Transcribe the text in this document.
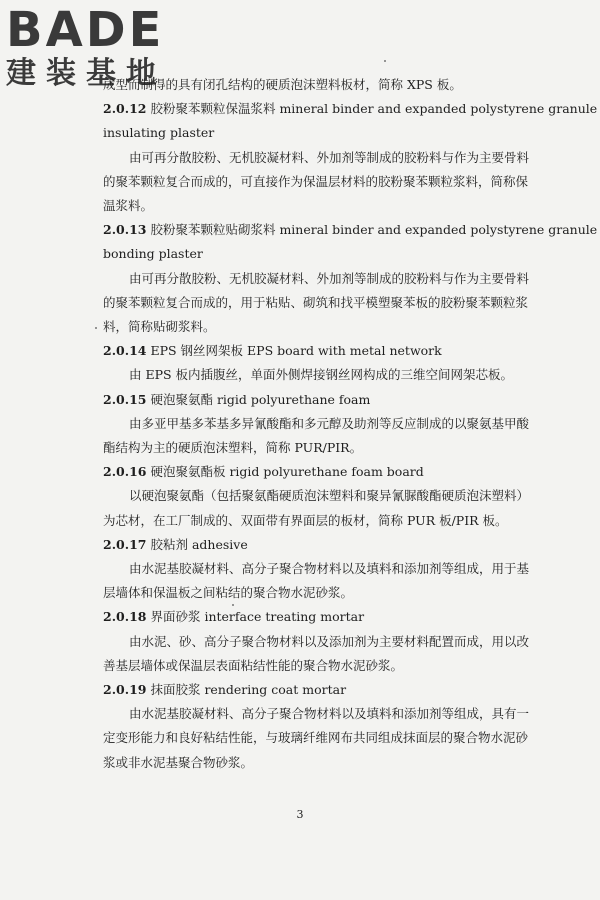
BADE
建装基地
成型而制得的具有闭孔结构的硬质泡沫塑料板材，简称 XPS 板。
2.0.12 胶粉聚苯颗粒保温浆料 mineral binder and expanded polystyrene granule
insulating plaster
由可再分散胶粉、无机胶凝材料、外加剂等制成的胶粉料与作为主要骨料
的聚苯颗粒复合而成的，可直接作为保温层材料的胶粉聚苯颗粒浆料，简称保
温浆料。
2.0.13 胶粉聚苯颗粒贴砌浆料 mineral binder and expanded polystyrene granule
bonding plaster
由可再分散胶粉、无机胶凝材料、外加剂等制成的胶粉料与作为主要骨料
的聚苯颗粒复合而成的，用于粘贴、砌筑和找平模塑聚苯板的胶粉聚苯颗粒浆
料，简称贴砌浆料。
2.0.14 EPS 钢丝网架板 EPS board with metal network
由 EPS 板内插腹丝，单面外侧焊接钢丝网构成的三维空间网架芯板。
2.0.15 硬泡聚氨酯 rigid polyurethane foam
由多亚甲基多苯基多异氰酸酯和多元醇及助剂等反应制成的以聚氨基甲酸
酯结构为主的硬质泡沫塑料，简称 PUR/PIR。
2.0.16 硬泡聚氨酯板 rigid polyurethane foam board
以硬泡聚氨酯（包括聚氨酯硬质泡沫塑料和聚异氰脲酸酯硬质泡沫塑料）
为芯材，在工厂制成的、双面带有界面层的板材，简称 PUR 板/PIR 板。
2.0.17 胶粘剂 adhesive
由水泥基胶凝材料、高分子聚合物材料以及填料和添加剂等组成，用于基
层墙体和保温板之间粘结的聚合物水泥砂浆。
2.0.18 界面砂浆 interface treating mortar
由水泥、砂、高分子聚合物材料以及添加剂为主要材料配置而成，用以改
善基层墙体或保温层表面粘结性能的聚合物水泥砂浆。
2.0.19 抹面胶浆 rendering coat mortar
由水泥基胶凝材料、高分子聚合物材料以及填料和添加剂等组成，具有一
定变形能力和良好粘结性能，与玻璃纤维网布共同组成抹面层的聚合物水泥砂
浆或非水泥基聚合物砂浆。
3
